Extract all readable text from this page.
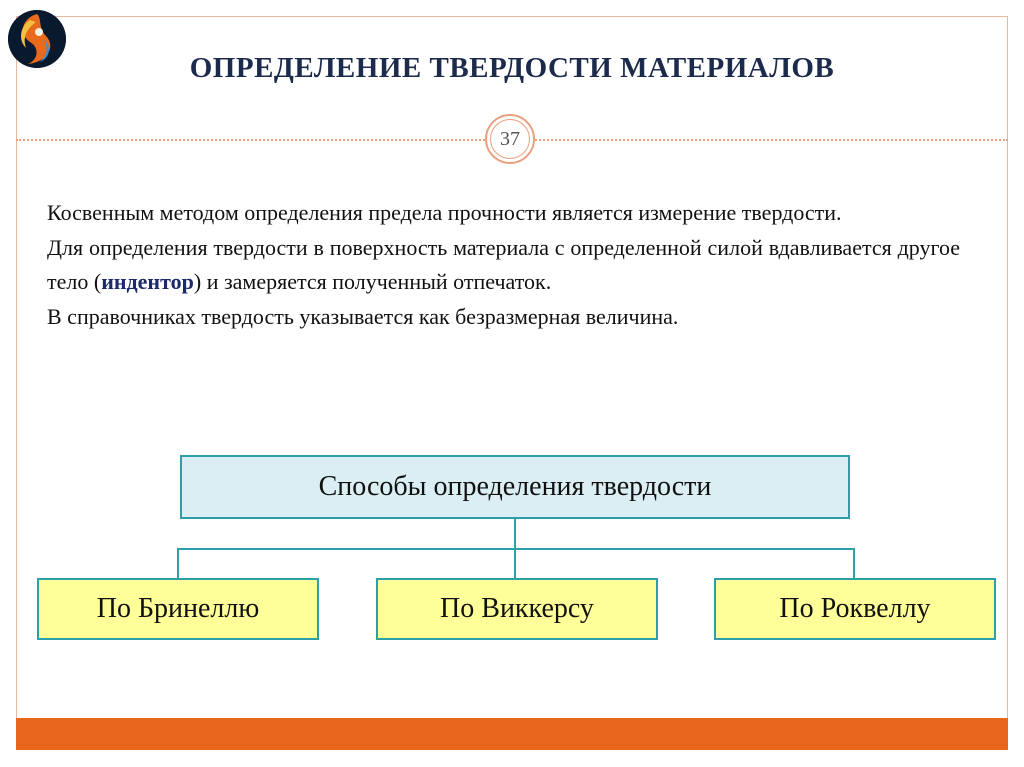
ОПРЕДЕЛЕНИЕ ТВЕРДОСТИ МАТЕРИАЛОВ
37

Косвенным методом определения предела прочности является измерение твердости.

Для определения твердости в поверхность материала с определенной силой вдавливается другое тело (индентор) и замеряется полученный отпечаток.

В справочниках твердость указывается как безразмерная величина.

Способы определения твердости
По Бринеллю	По Виккерсу	По Роквеллу
